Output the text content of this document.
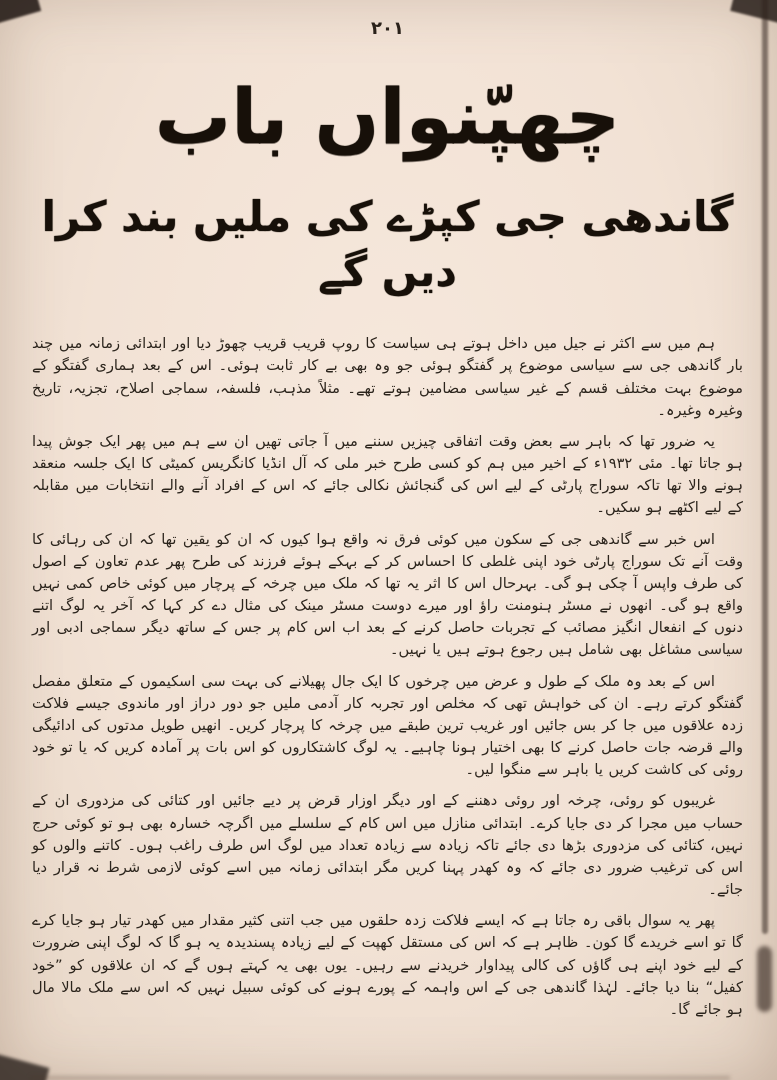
۲۰۱
چھپّنواں باب
گاندھی جی کپڑے کی ملیں بند کرا دیں گے

ہم میں سے اکثر نے جیل میں داخل ہوتے ہی سیاست کا روپ قریب قریب چھوڑ دیا اور ابتدائی زمانہ میں چند بار گاندھی جی سے سیاسی موضوع پر گفتگو ہوئی جو وہ بھی بے کار ثابت ہوئی۔ اس کے بعد ہماری گفتگو کے موضوع بہت مختلف قسم کے غیر سیاسی مضامین ہوتے تھے۔ مثلاً مذہب، فلسفہ، سماجی اصلاح، تجزیہ، تاریخ وغیرہ وغیرہ۔

یہ ضرور تھا کہ باہر سے بعض وقت اتفاقی چیزیں سننے میں آ جاتی تھیں ان سے ہم میں پھر ایک جوش پیدا ہو جاتا تھا۔ مئی ۱۹۳۲ء کے اخیر میں ہم کو کسی طرح خبر ملی کہ آل انڈیا کانگریس کمیٹی کا ایک جلسہ منعقد ہونے والا تھا تاکہ سوراج پارٹی کے لیے اس کی گنجائش نکالی جائے کہ اس کے افراد آنے والے انتخابات میں مقابلہ کے لیے اکٹھے ہو سکیں۔

اس خبر سے گاندھی جی کے سکون میں کوئی فرق نہ واقع ہوا کیوں کہ ان کو یقین تھا کہ ان کی رہائی کا وقت آنے تک سوراج پارٹی خود اپنی غلطی کا احساس کر کے بہکے ہوئے فرزند کی طرح پھر عدم تعاون کے اصول کی طرف واپس آ چکی ہو گی۔ بہرحال اس کا اثر یہ تھا کہ ملک میں چرخہ کے پرچار میں کوئی خاص کمی نہیں واقع ہو گی۔ انھوں نے مسٹر ہنومنت راؤ اور میرے دوست مسٹر مینک کی مثال دے کر کہا کہ آخر یہ لوگ اتنے دنوں کے انفعال انگیز مصائب کے تجربات حاصل کرنے کے بعد اب اس کام پر جس کے ساتھ دیگر سماجی ادبی اور سیاسی مشاغل بھی شامل ہیں رجوع ہوتے ہیں یا نہیں۔

اس کے بعد وہ ملک کے طول و عرض میں چرخوں کا ایک جال پھیلانے کی بہت سی اسکیموں کے متعلق مفصل گفتگو کرتے رہے۔ ان کی خواہش تھی کہ مخلص اور تجربہ کار آدمی ملیں جو دور دراز اور ماندوی جیسے فلاکت زدہ علاقوں میں جا کر بس جائیں اور غریب ترین طبقے میں چرخہ کا پرچار کریں۔ انھیں طویل مدتوں کی ادائیگی والے قرضہ جات حاصل کرنے کا بھی اختیار ہونا چاہیے۔ یہ لوگ کاشتکاروں کو اس بات پر آمادہ کریں کہ یا تو خود روئی کی کاشت کریں یا باہر سے منگوا لیں۔

غریبوں کو روئی، چرخہ اور روئی دھننے کے اور دیگر اوزار قرض پر دیے جائیں اور کتائی کی مزدوری ان کے حساب میں مجرا کر دی جایا کرے۔ ابتدائی منازل میں اس کام کے سلسلے میں اگرچہ خسارہ بھی ہو تو کوئی حرج نہیں، کتائی کی مزدوری بڑھا دی جائے تاکہ زیادہ سے زیادہ تعداد میں لوگ اس طرف راغب ہوں۔ کاتنے والوں کو اس کی ترغیب ضرور دی جائے کہ وہ کھدر پہنا کریں مگر ابتدائی زمانہ میں اسے کوئی لازمی شرط نہ قرار دیا جائے۔

پھر یہ سوال باقی رہ جاتا ہے کہ ایسے فلاکت زدہ حلقوں میں جب اتنی کثیر مقدار میں کھدر تیار ہو جایا کرے گا تو اسے خریدے گا کون۔ ظاہر ہے کہ اس کی مستقل کھپت کے لیے زیادہ پسندیدہ یہ ہو گا کہ لوگ اپنی ضرورت کے لیے خود اپنے ہی گاؤں کی کالی پیداوار خریدنے سے رہیں۔ یوں بھی یہ کہتے ہوں گے کہ ان علاقوں کو ”خود کفیل“ بنا دیا جائے۔ لہٰذا گاندھی جی کے اس واہمہ کے پورے ہونے کی کوئی سبیل نہیں کہ اس سے ملک مالا مال ہو جائے گا۔
